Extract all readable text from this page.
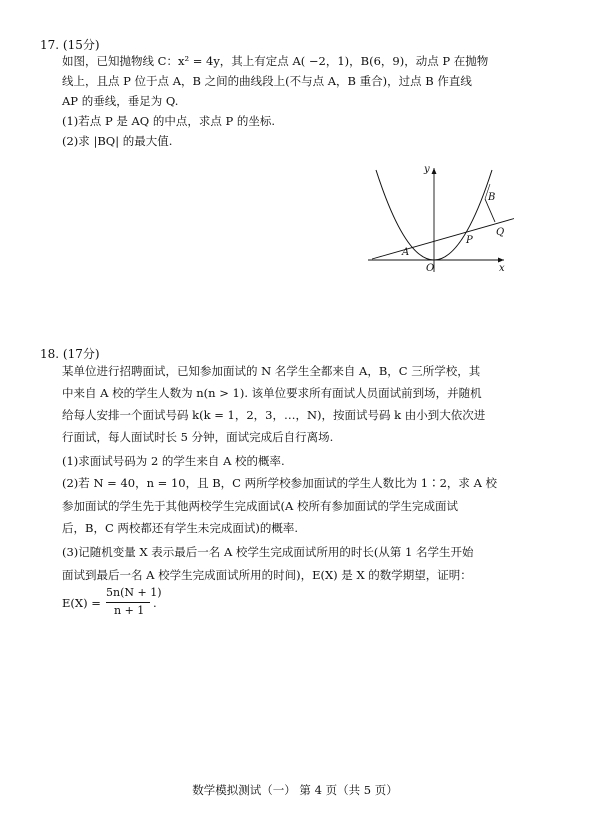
17. (15分)
如图，已知抛物线 C：x² = 4y，其上有定点 A( −2，1)，B(6，9)，动点 P 在抛物
线上，且点 P 位于点 A，B 之间的曲线段上(不与点 A，B 重合)，过点 B 作直线
AP 的垂线，垂足为 Q.
(1)若点 P 是 AQ 的中点，求点 P 的坐标.
(2)求 |BQ| 的最大值.
y
x
O
A
B
P
Q
18. (17分)
某单位进行招聘面试，已知参加面试的 N 名学生全都来自 A，B，C 三所学校，其
中来自 A 校的学生人数为 n(n > 1). 该单位要求所有面试人员面试前到场，并随机
给每人安排一个面试号码 k(k = 1，2，3，…，N)，按面试号码 k 由小到大依次进
行面试，每人面试时长 5 分钟，面试完成后自行离场.
(1)求面试号码为 2 的学生来自 A 校的概率.
(2)若 N = 40，n = 10，且 B，C 两所学校参加面试的学生人数比为 1∶2，求 A 校
参加面试的学生先于其他两校学生完成面试(A 校所有参加面试的学生完成面试
后，B，C 两校都还有学生未完成面试)的概率.
(3)记随机变量 X 表示最后一名 A 校学生完成面试所用的时长(从第 1 名学生开始
面试到最后一名 A 校学生完成面试所用的时间)，E(X) 是 X 的数学期望，证明：
E(X) =
5n(N + 1)
n + 1
.
数学模拟测试（一） 第 4 页（共 5 页）
